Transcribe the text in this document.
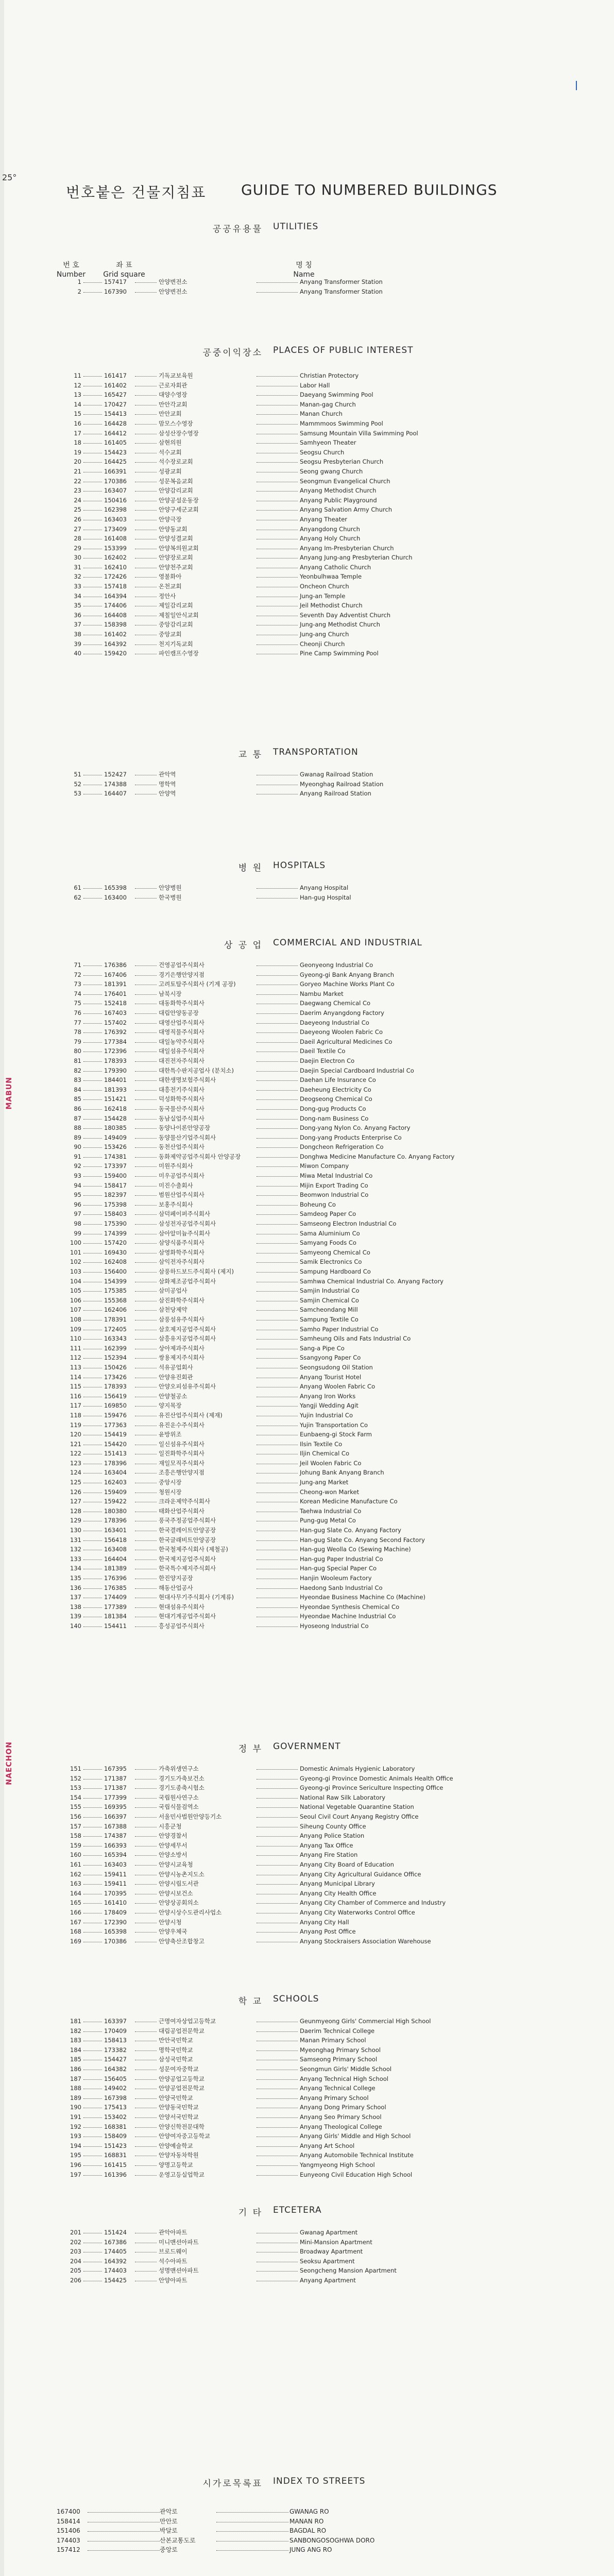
25°
MABUN
NAECHON
번호붙은 건물지침표 GUIDE TO NUMBERED BUILDINGS
번 호
Number
좌 표
Grid square
명 칭
Name
공공유용물 UTILITIES
1	157417	안양변전소	Anyang Transformer Station
2	167390	안양변전소	Anyang Transformer Station
공중이익장소 PLACES OF PUBLIC INTEREST
11	161417	기독교보육원	Christian Protectory
12	161402	근로자회관	Labor Hall
13	165427	대양수영장	Daeyang Swimming Pool
14	170427	만안각교회	Manan-gag Church
15	154413	만안교회	Manan Church
16	164428	맘모스수영장	Mammmoos Swimming Pool
17	164412	삼성산장수영장	Samsung Mountain Villa Swimming Pool
18	161405	삼현의원	Samhyeon Theater
19	154423	석수교회	Seogsu Church
20	164425	석수장로교회	Seogsu Presbyterian Church
21	166391	성광교회	Seong gwang Church
22	170386	성문복음교회	Seongmun Evangelical Church
23	163407	안양감리교회	Anyang Methodist Church
24	150416	안양공설운동장	Anyang Public Playground
25	162398	안양구세군교회	Anyang Salvation Army Church
26	163403	안양극장	Anyang Theater
27	173409	안양동교회	Anyangdong Church
28	161408	안양성결교회	Anyang Holy Church
29	153399	안양복의원교회	Anyang Im-Presbyterian Church
30	162402	안양장로교회	Anyang Jung-ang Presbyterian Church
31	162410	안양천주교회	Anyang Catholic Church
32	172426	영불화아	Yeonbulhwaa Temple
33	157418	온천교회	Oncheon Church
34	164394	정안사	Jung-an Temple
35	174406	제일감리교회	Jeil Methodist Church
36	164408	제칠일안식교회	Seventh Day Adventist Church
37	158398	중앙감리교회	Jung-ang Methodist Church
38	161402	중앙교회	Jung-ang Church
39	164392	천지기독교회	Cheonji Church
40	159420	파인캠프수영장	Pine Camp Swimming Pool
교 통 TRANSPORTATION
51	152427	관악역	Gwanag Railroad Station
52	174388	명학역	Myeonghag Railroad Station
53	164407	안양역	Anyang Railroad Station
병 원 HOSPITALS
61	165398	안양병원	Anyang Hospital
62	163400	한국병원	Han-gug Hospital
상 공 업 COMMERCIAL AND INDUSTRIAL
71	176386	건영공업주식회사	Geonyeong Industrial Co
72	167406	경기은행안양지점	Gyeong-gi Bank Anyang Branch
73	181391	고려토탈주식회사 (기계 공장)	Goryeo Machine Works Plant Co
74	176401	남북시장	Nambu Market
75	152418	대동화학주식회사	Daegwang Chemical Co
76	167403	대림안양동공장	Daerim Anyangdong Factory
77	157402	대영산업주식회사	Daeyeong Industrial Co
78	176392	대영직물주식회사	Daeyeong Woolen Fabric Co
79	177384	대일농약주식회사	Daeil Agricultural Medicines Co
80	172396	대일섬유주식회사	Daeil Textile Co
81	178393	대진전자주식회사	Daejin Electron Co
82	179390	대한특수판지공업사 (분치소)	Daejin Special Cardboard Industrial Co
83	184401	대한생명보험주식회사	Daehan Life Insurance Co
84	181393	대흥전기주식회사	Daeheung Electricity Co
85	151421	덕성화학주식회사	Deogseong Chemical Co
86	162418	동국물산주식회사	Dong-gug Products Co
87	154428	동남실업주식회사	Dong-nam Business Co
88	180385	동양나이론안양공장	Dong-yang Nylon Co. Anyang Factory
89	149409	동양물산기업주식회사	Dong-yang Products Enterprise Co
90	153426	동천산업주식회사	Dongcheon Refrigeration Co
91	174381	동화제약공업주식회사 안양공장	Donghwa Medicine Manufacture Co. Anyang Factory
92	173397	미원주식회사	Miwon Company
93	159400	미우공업주식회사	Miwa Metal Industrial Co
94	158417	미진수출회사	Mijin Export Trading Co
95	182397	범원산업주식회사	Beomwon Industrial Co
96	175398	보홍주식회사	Boheung Co
97	158403	삼덕페이퍼주식회사	Samdeog Paper Co
98	175390	삼성전자공업주식회사	Samseong Electron Industrial Co
99	174399	삼아알미늄주식회사	Sama Aluminium Co
100	157420	삼양식품주식회사	Samyang Foods Co
101	169430	삼영화학주식회사	Samyeong Chemical Co
102	162408	삼익전자주식회사	Samik Electronics Co
103	156400	삼풍하드보드주식회사 (제지)	Sampung Hardboard Co
104	154399	삼화제조공업주식회사	Samhwa Chemical Industrial Co. Anyang Factory
105	175385	삼미공업사	Samjin Industrial Co
106	155368	삼진화학주식회사	Samjin Chemical Co
107	162406	삼천당제약	Samcheondang Mill
108	178391	삼풍섬유주식회사	Sampung Textile Co
109	172405	삼호제지공업주식회사	Samho Paper Industrial Co
110	163343	삼흥유지공업주식회사	Samheung Oils and Fats Industrial Co
111	162399	상아제과주식회사	Sang-a Pipe Co
112	152394	쌍용제지주식회사	Ssangyong Paper Co
113	150426	석유공업회사	Seongsudong Oil Station
114	173426	안양유진회관	Anyang Tourist Hotel
115	178393	안양오피섬유주식회사	Anyang Woolen Fabric Co
116	156419	안양철공소	Anyang Iron Works
117	169850	양지목장	Yangji Wedding Agit
118	159476	유진산업주식회사 (제재)	Yujin Industrial Co
119	177363	유진운수주식회사	Yujin Transportation Co
120	154419	윤방위조	Eunbaeng-gi Stock Farm
121	154420	일신섬유주식회사	Ilsin Textile Co
122	151413	일진화학주식회사	Iljin Chemical Co
123	178396	재일모직주식회사	Jeil Woolen Fabric Co
124	163404	조흥은행안양지점	Johung Bank Anyang Branch
125	162403	중앙시장	Jung-ang Market
126	159409	청원시장	Cheong-won Market
127	159422	크라운제약주식회사	Korean Medicine Manufacture Co
128	180380	태화산업주식회사	Taehwa Industrial Co
129	178396	풍국주정공업주식회사	Pung-gug Metal Co
130	163401	한국결레이트안양공장	Han-gug Slate Co. Anyang Factory
131	156418	한국글래비트안양공장	Han-gug Slate Co. Anyang Second Factory
132	163408	한국철제주식회사 (제철공)	Han-gug Weolla Co (Sewing Machine)
133	164404	한국제지공업주식회사	Han-gug Paper Industrial Co
134	181389	한국특수제지주식회사	Han-gug Special Paper Co
135	176396	한진양지공장	Hanjin Wooleum Factory
136	176385	해동산업공사	Haedong Sanb Industrial Co
137	174409	현대사무기주식회사 (기계류)	Hyeondae Business Machine Co (Machine)
138	177389	현대섬유주식회사	Hyeondae Synthesis Chemical Co
139	181384	현대기계공업주식회사	Hyeondae Machine Industrial Co
140	154411	흥성공업주식회사	Hyoseong Industrial Co
정 부 GOVERNMENT
151	167395	가축위생연구소	Domestic Animals Hygienic Laboratory
152	171387	경기도가축보건소	Gyeong-gi Province Domestic Animals Health Office
153	171387	경기도종축시험소	Gyeong-gi Province Sericulture Inspecting Office
154	177399	국립원사연구소	National Raw Silk Laboratory
155	169395	국립식물검역소	National Vegetable Quarantine Station
156	166397	서울민사법원안양등기소	Seoul Civil Court Anyang Registry Office
157	167388	시흥군청	Siheung County Office
158	174387	안양경찰서	Anyang Police Station
159	166393	안양세무서	Anyang Tax Office
160	165394	안양소방서	Anyang Fire Station
161	163403	안양시교육청	Anyang City Board of Education
162	159411	안양시농촌지도소	Anyang City Agricultural Guidance Office
163	159411	안양시립도서관	Anyang Municipal Library
164	170395	안양시보건소	Anyang City Health Office
165	161410	안양상공회의소	Anyang City Chamber of Commerce and Industry
166	178409	안양시상수도관리사업소	Anyang City Waterworks Control Office
167	172390	안양시청	Anyang City Hall
168	165398	안양우체국	Anyang Post Office
169	170386	안양축산조합창고	Anyang Stockraisers Association Warehouse
학 교 SCHOOLS
181	163397	근명여자상업고등학교	Geunmyeong Girls' Commercial High School
182	170409	대림공업전문학교	Daerim Technical College
183	158413	만안국민학교	Manan Primary School
184	173382	명학국민학교	Myeonghag Primary School
185	154427	삼성국민학교	Samseong Primary School
186	164382	성문여자중학교	Seongmun Girls' Middle School
187	156405	안양공업고등학교	Anyang Technical High School
188	149402	안양공업전문학교	Anyang Technical College
189	167398	안양국민학교	Anyang Primary School
190	175413	안양동국민학교	Anyang Dong Primary School
191	153402	안양서국민학교	Anyang Seo Primary School
192	168381	안양신학전문대학	Anyang Theological College
193	158409	안양여자중고등학교	Anyang Girls' Middle and High School
194	151423	안양예술학교	Anyang Art School
195	168831	안양자동차학원	Anyang Automobile Technical Institute
196	161415	양명고등학교	Yangmyeong High School
197	161396	운영고등실업학교	Eunyeong Civil Education High School
기 타 ETCETERA
201	151424	관악아파트	Gwanag Apartment
202	167386	미니맨션아파트	Mini-Mansion Apartment
203	174405	브로드웨이	Broadway Apartment
204	164392	석수아파트	Seoksu Apartment
205	174403	성명맨션아파트	Seongcheng Mansion Apartment
206	154425	안양아파트	Anyang Apartment
시가로목록표 INDEX TO STREETS
167400	관악로	GWANAG RO
158414	만안로	MANAN RO
151406	박달로	BAGDAL RO
174403	산본교통도로	SANBONGOSOGHWA DORO
157412	중앙로	JUNG ANG RO
